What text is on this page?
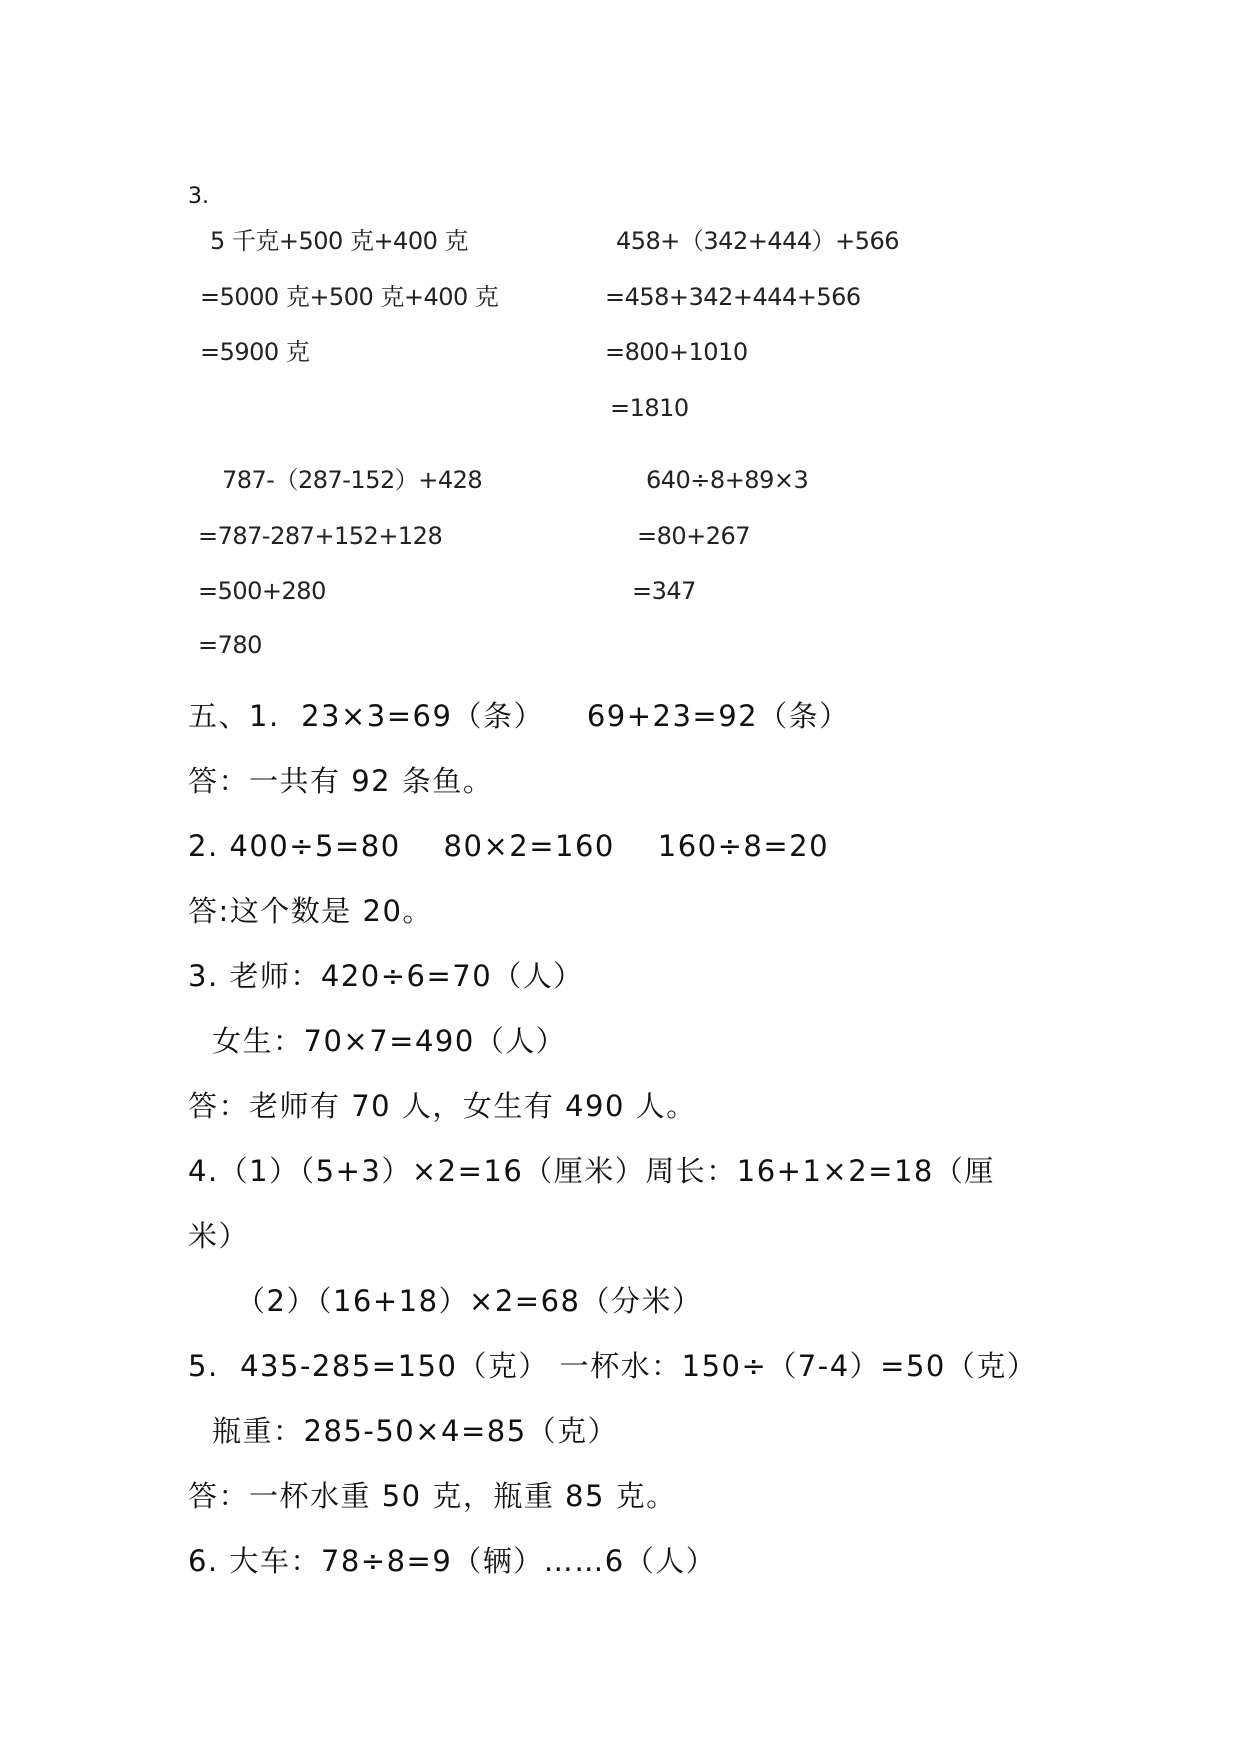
3.
5 千克+500 克+400 克
=5000 克+500 克+400 克
=5900 克
458+（342+444）+566
=458+342+444+566
=800+1010
=1810
787-（287-152）+428
=787-287+152+128
=500+280
=780
640÷8+89×3
=80+267
=347
五、1.  23×3=69（条）    69+23=92（条）
答：一共有 92 条鱼。
2. 400÷5=80    80×2=160    160÷8=20
答:这个数是 20。
3. 老师：420÷6=70（人）
女生：70×7=490（人）
答：老师有 70 人，女生有 490 人。
4.（1）（5+3）×2=16（厘米）周长：16+1×2=18（厘
米）
（2）（16+18）×2=68（分米）
5.  435-285=150（克） 一杯水：150÷（7-4）=50（克）
瓶重：285-50×4=85（克）
答：一杯水重 50 克，瓶重 85 克。
6. 大车：78÷8=9（辆）……6（人）
